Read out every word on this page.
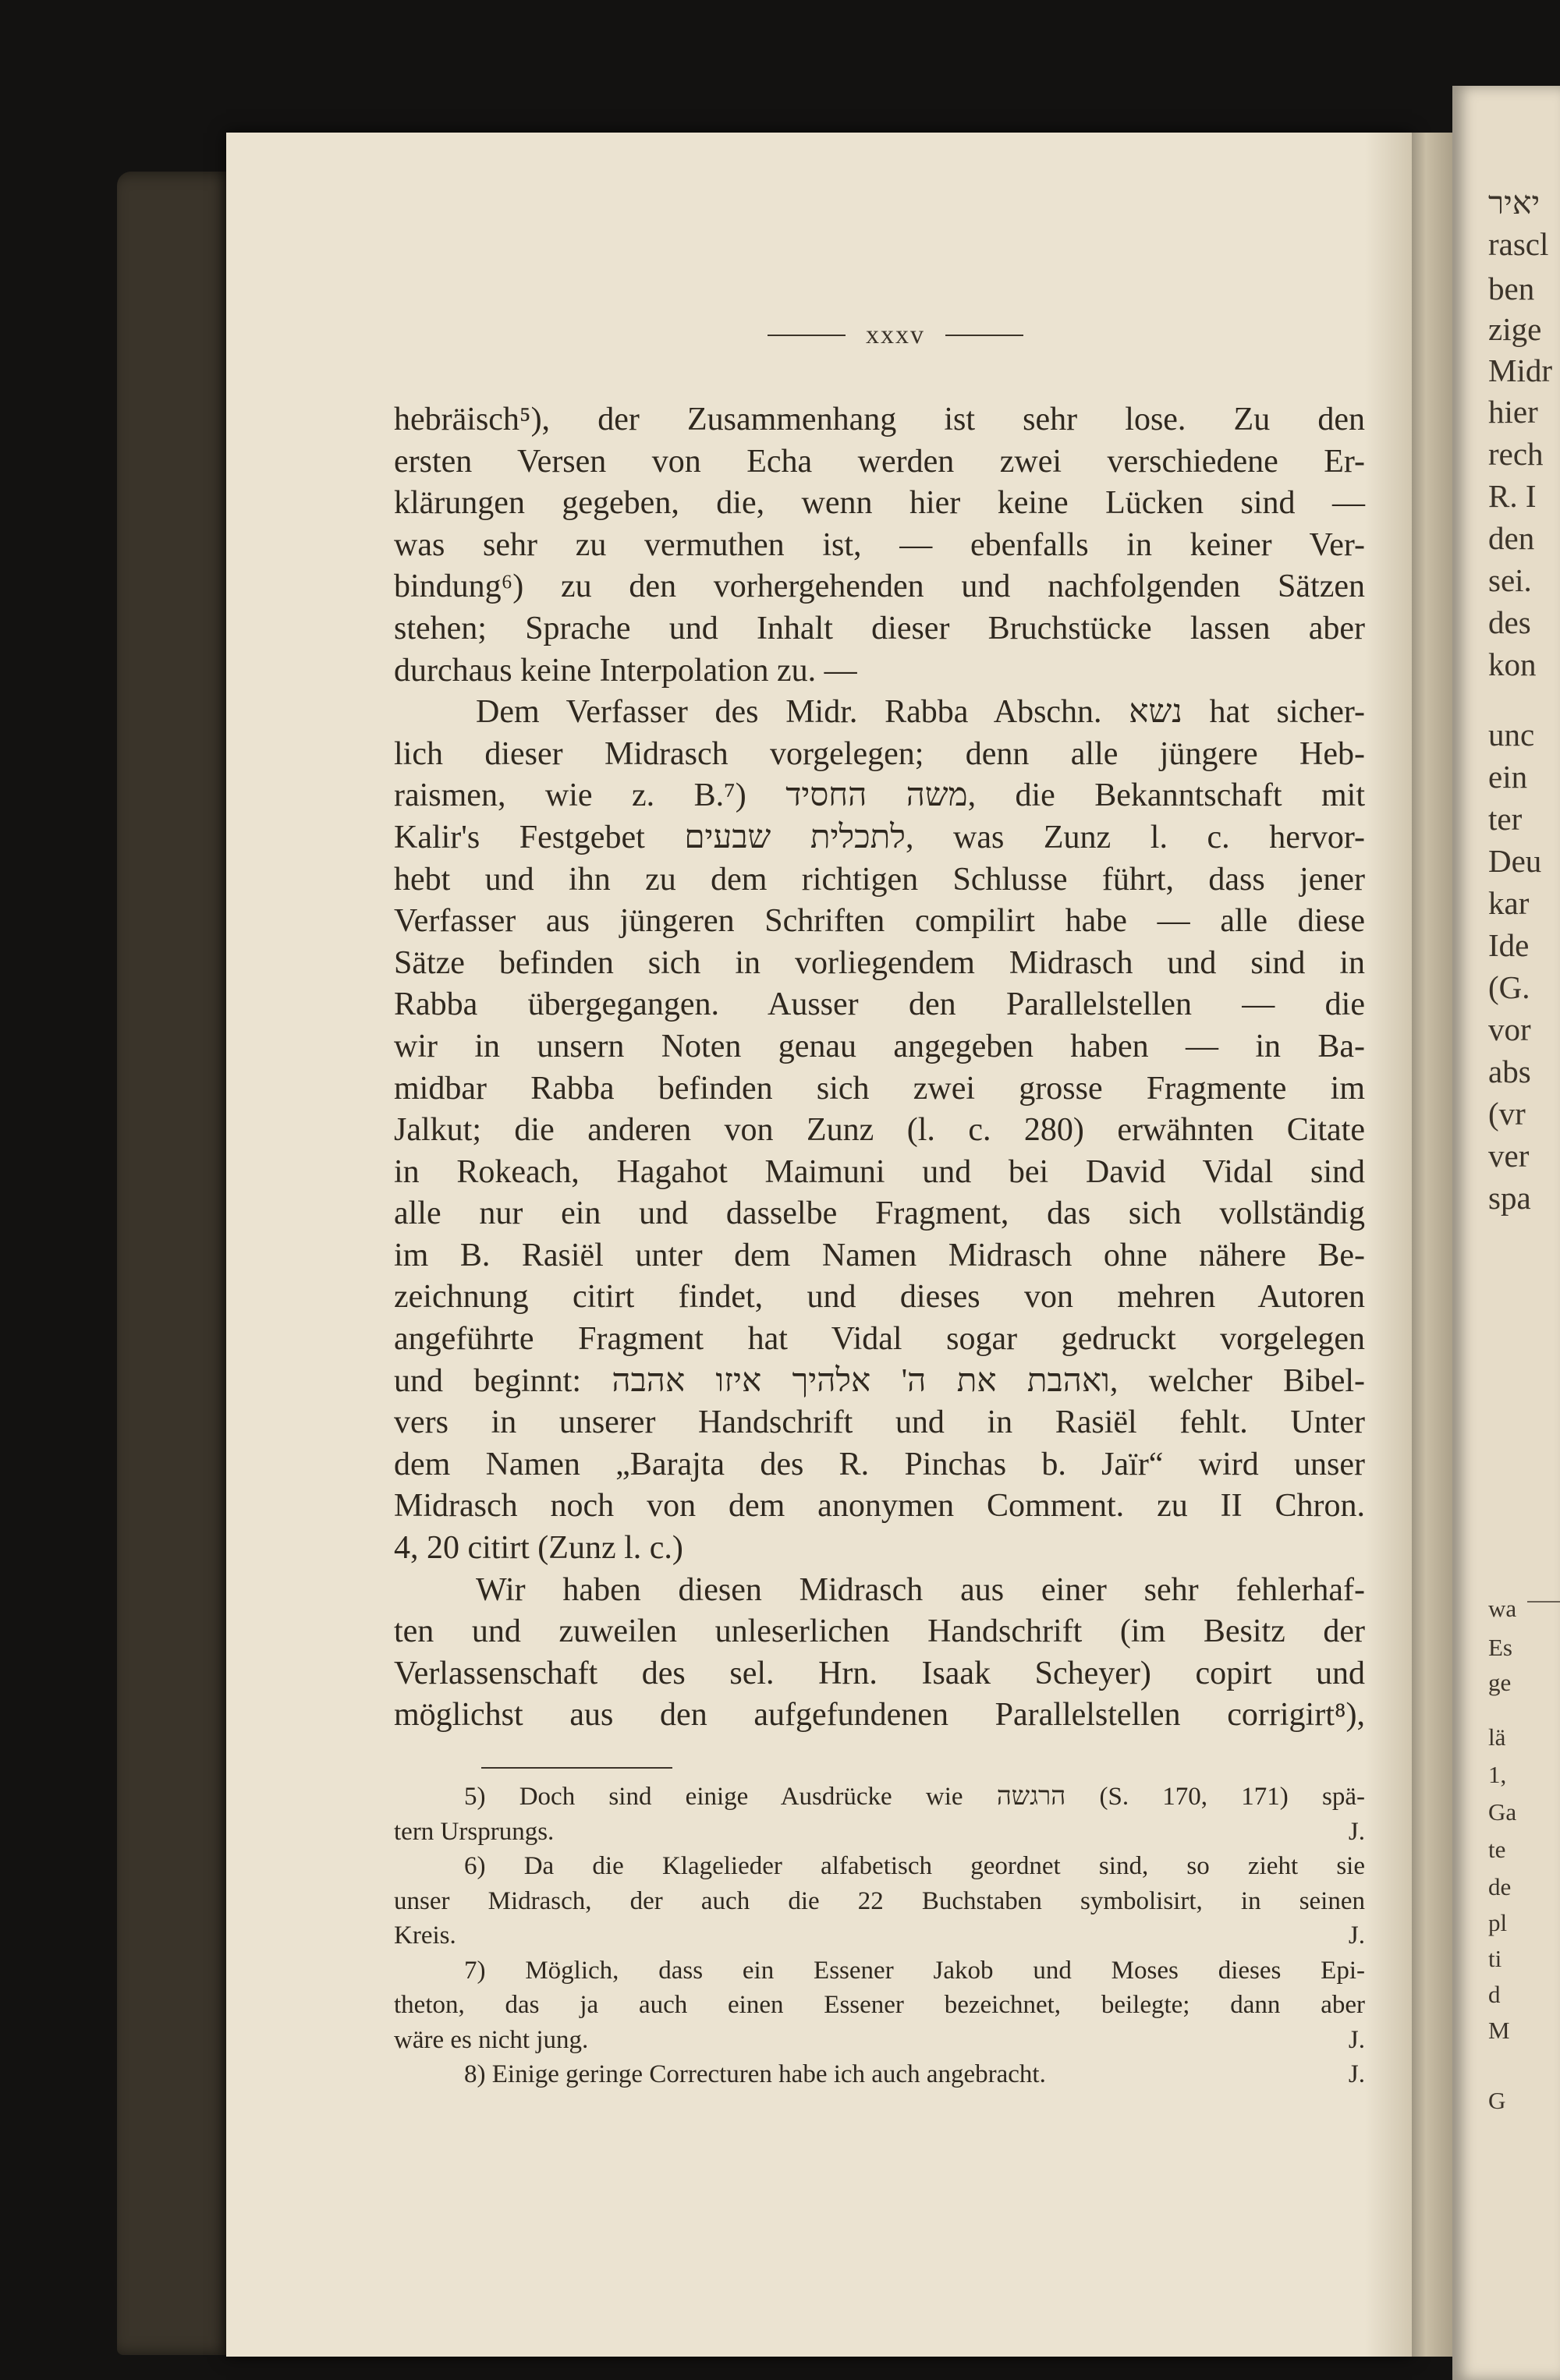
יאיר
rascl
ben
zige
Midr
hier
rech
R. I
den
sei.
des
kon
unc
ein
ter
Deu
kar
Ide
(G.
vor
abs
(vr
ver
spa
wa
Es
ge
lä
1,
Ga
te
de
pl
ti
d
M
G
xxxv
hebräisch⁵), der Zusammenhang ist sehr lose. Zu den
ersten Versen von Echa werden zwei verschiedene Er-
klärungen gegeben, die, wenn hier keine Lücken sind —
was sehr zu vermuthen ist, — ebenfalls in keiner Ver-
bindung⁶) zu den vorhergehenden und nachfolgenden Sätzen
stehen; Sprache und Inhalt dieser Bruchstücke lassen aber
durchaus keine Interpolation zu. —
Dem Verfasser des Midr. Rabba Abschn. נשא hat sicher-
lich dieser Midrasch vorgelegen; denn alle jüngere Heb-
raismen, wie z. B.⁷) משה החסיד, die Bekanntschaft mit
Kalir's Festgebet לתכלית שבעים, was Zunz l. c. hervor-
hebt und ihn zu dem richtigen Schlusse führt, dass jener
Verfasser aus jüngeren Schriften compilirt habe — alle diese
Sätze befinden sich in vorliegendem Midrasch und sind in
Rabba übergegangen. Ausser den Parallelstellen — die
wir in unsern Noten genau angegeben haben — in Ba-
midbar Rabba befinden sich zwei grosse Fragmente im
Jalkut; die anderen von Zunz (l. c. 280) erwähnten Citate
in Rokeach, Hagahot Maimuni und bei David Vidal sind
alle nur ein und dasselbe Fragment, das sich vollständig
im B. Rasiël unter dem Namen Midrasch ohne nähere Be-
zeichnung citirt findet, und dieses von mehren Autoren
angeführte Fragment hat Vidal sogar gedruckt vorgelegen
und beginnt: ואהבת את ה' אלהיך איזו אהבה, welcher Bibel-
vers in unserer Handschrift und in Rasiël fehlt. Unter
dem Namen „Barajta des R. Pinchas b. Jaïr“ wird unser
Midrasch noch von dem anonymen Comment. zu II Chron.
4, 20 citirt (Zunz l. c.)
Wir haben diesen Midrasch aus einer sehr fehlerhaf-
ten und zuweilen unleserlichen Handschrift (im Besitz der
Verlassenschaft des sel. Hrn. Isaak Scheyer) copirt und
möglichst aus den aufgefundenen Parallelstellen corrigirt⁸),
5) Doch sind einige Ausdrücke wie הרגשה (S. 170, 171) spä-
tern Ursprungs.	J.
6) Da die Klagelieder alfabetisch geordnet sind, so zieht sie
unser Midrasch, der auch die 22 Buchstaben symbolisirt, in seinen
Kreis.	J.
7) Möglich, dass ein Essener Jakob und Moses dieses Epi-
theton, das ja auch einen Essener bezeichnet, beilegte; dann aber
wäre es nicht jung.	J.
8) Einige geringe Correcturen habe ich auch angebracht.	J.
